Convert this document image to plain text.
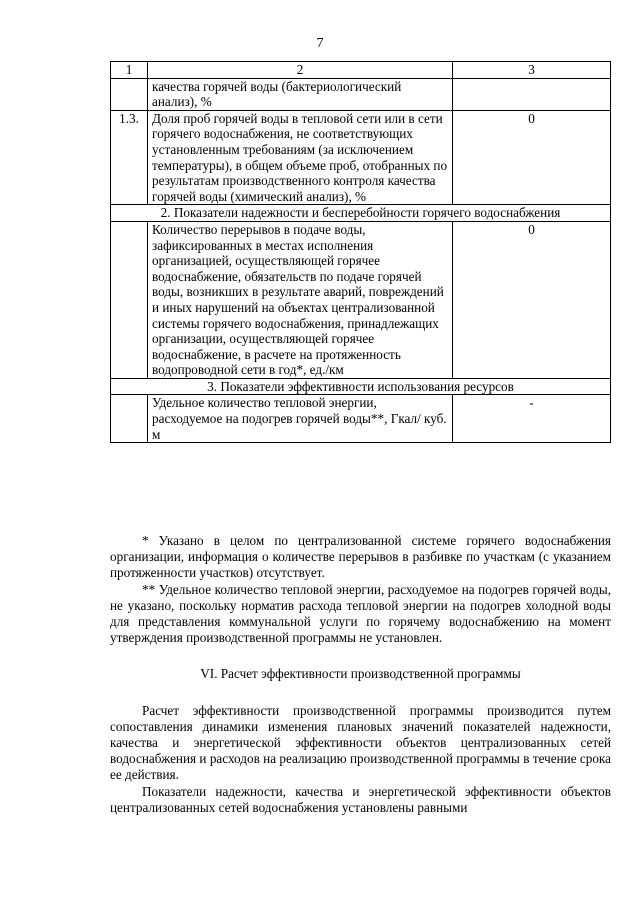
7
1	2	3
	качества горячей воды (бактериологический анализ), %	
1.3.	Доля проб горячей воды в тепловой сети или в сети горячего водоснабжения, не соответствующих установленным требованиям (за исключением температуры), в общем объеме проб, отобранных по результатам производственного контроля качества горячей воды (химический анализ), %	0
2. Показатели надежности и бесперебойности горячего водоснабжения		
	Количество перерывов в подаче воды, зафиксированных в местах исполнения организацией, осуществляющей горячее водоснабжение, обязательств по подаче горячей воды, возникших в результате аварий, повреждений и иных нарушений на объектах централизованной системы горячего водоснабжения, принадлежащих организации, осуществляющей горячее водоснабжение, в расчете на протяженность водопроводной сети в год*, ед./км	0
3. Показатели эффективности использования ресурсов		
	Удельное количество тепловой энергии, расходуемое на подогрев горячей воды**, Гкал/ куб. м	-

* Указано в целом по централизованной системе горячего водоснабжения организации, информация о количестве перерывов в разбивке по участкам (с указанием протяженности участков) отсутствует.

** Удельное количество тепловой энергии, расходуемое на подогрев горячей воды, не указано, поскольку норматив расхода тепловой энергии на подогрев холодной воды для представления коммунальной услуги по горячему водоснабжению на момент утверждения производственной программы не установлен.

VI. Расчет эффективности производственной программы

Расчет эффективности производственной программы производится путем сопоставления динамики изменения плановых значений показателей надежности, качества и энергетической эффективности объектов централизованных сетей водоснабжения и расходов на реализацию производственной программы в течение срока ее действия.

Показатели надежности, качества и энергетической эффективности объектов централизованных сетей водоснабжения установлены равными
